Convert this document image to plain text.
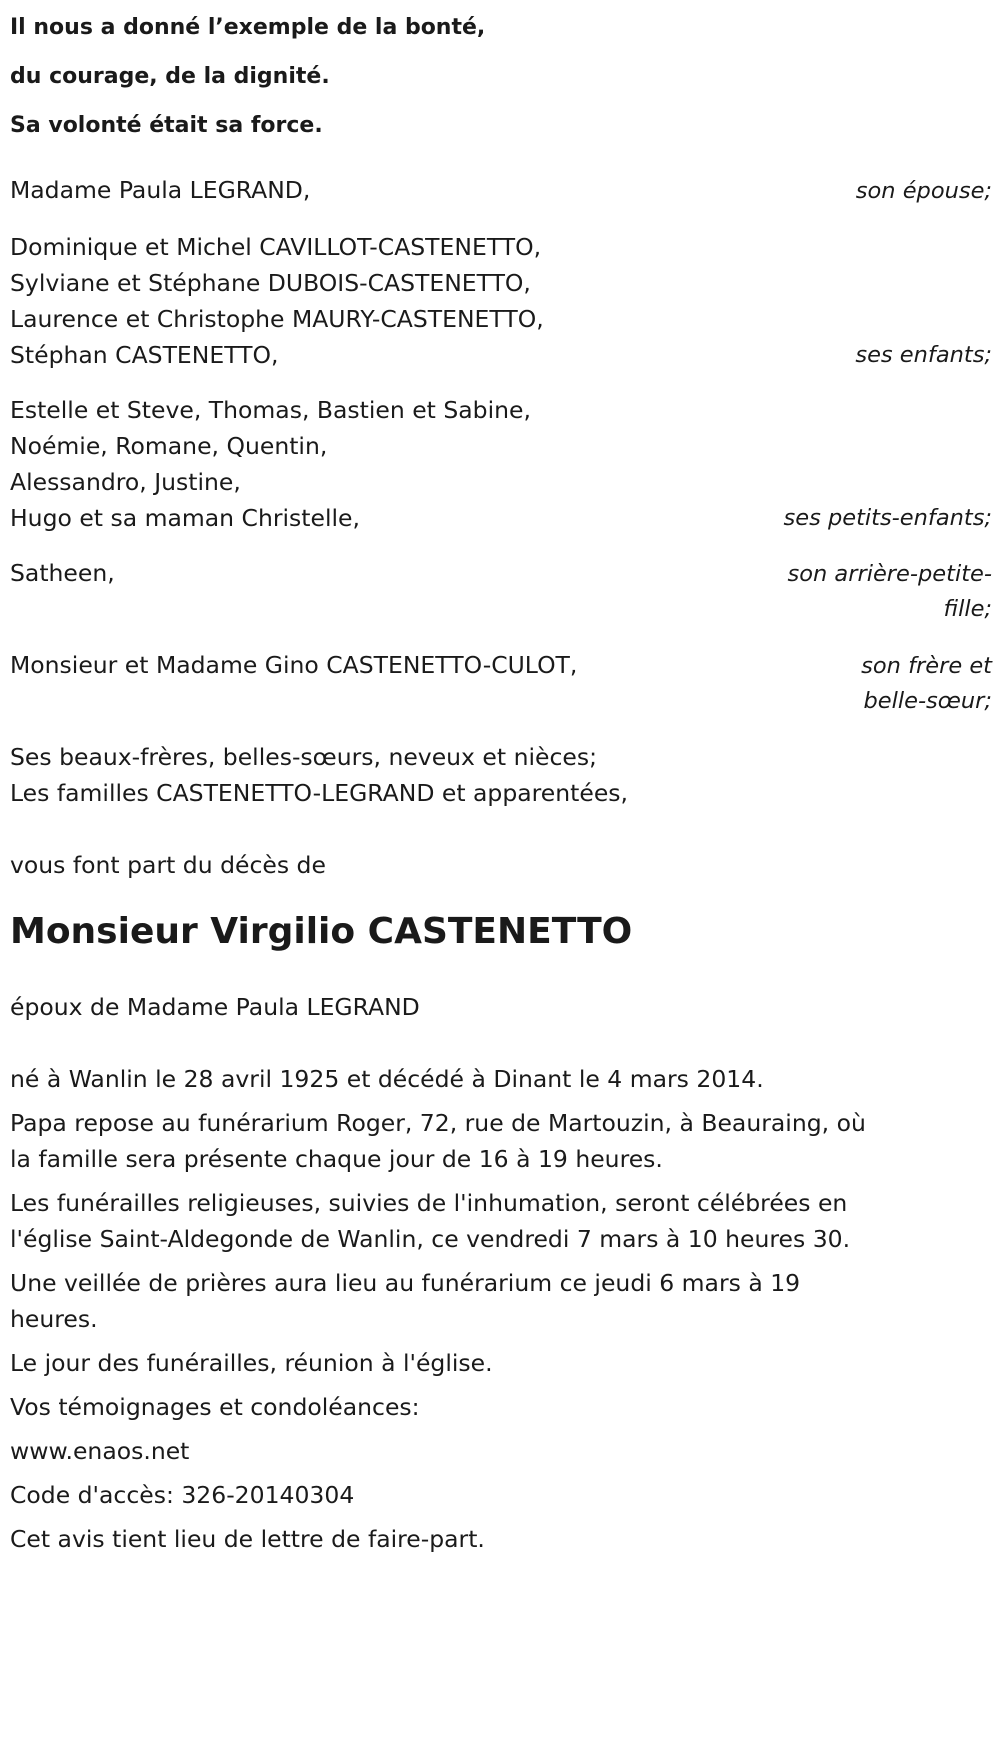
Il nous a donné l’exemple de la bonté,
du courage, de la dignité.
Sa volonté était sa force.
Madame Paula LEGRAND,	son épouse;
Dominique et Michel CAVILLOT-CASTENETTO,
Sylviane et Stéphane DUBOIS-CASTENETTO,
Laurence et Christophe MAURY-CASTENETTO,
Stéphan CASTENETTO,	ses enfants;
Estelle et Steve, Thomas, Bastien et Sabine,
Noémie, Romane, Quentin,
Alessandro, Justine,
Hugo et sa maman Christelle,	ses petits-enfants;
Satheen,	son arrière-petite-
fille;
Monsieur et Madame Gino CASTENETTO-CULOT,	son frère et
belle-sœur;
Ses beaux-frères, belles-sœurs, neveux et nièces;
Les familles CASTENETTO-LEGRAND et apparentées,
vous font part du décès de
Monsieur Virgilio CASTENETTO
époux de Madame Paula LEGRAND
né à Wanlin le 28 avril 1925 et décédé à Dinant le 4 mars 2014.
Papa repose au funérarium Roger, 72, rue de Martouzin, à Beauraing, où
la famille sera présente chaque jour de 16 à 19 heures.
Les funérailles religieuses, suivies de l'inhumation, seront célébrées en
l'église Saint-Aldegonde de Wanlin, ce vendredi 7 mars à 10 heures 30.
Une veillée de prières aura lieu au funérarium ce jeudi 6 mars à 19
heures.
Le jour des funérailles, réunion à l'église.
Vos témoignages et condoléances:
www.enaos.net
Code d'accès: 326-20140304
Cet avis tient lieu de lettre de faire-part.
